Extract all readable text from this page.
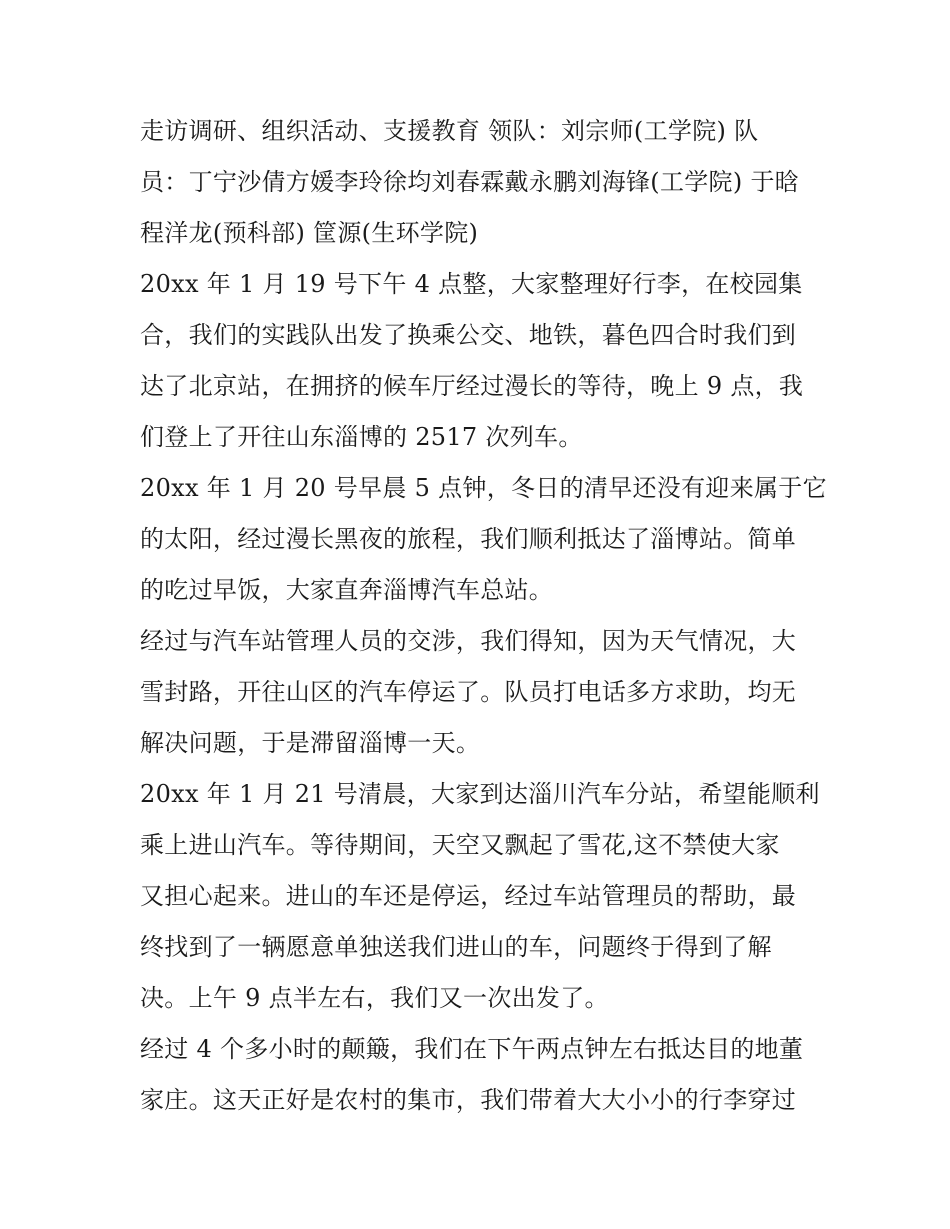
走访调研、组织活动、支援教育 领队：刘宗师(工学院) 队
员：丁宁沙倩方媛李玲徐均刘春霖戴永鹏刘海锋(工学院) 于晗
程洋龙(预科部) 筐源(生环学院)
20xx 年 1 月 19 号下午 4 点整，大家整理好行李，在校园集
合，我们的实践队出发了换乘公交、地铁，暮色四合时我们到
达了北京站，在拥挤的候车厅经过漫长的等待，晚上 9 点，我
们登上了开往山东淄博的 2517 次列车。
20xx 年 1 月 20 号早晨 5 点钟，冬日的清早还没有迎来属于它
的太阳，经过漫长黑夜的旅程，我们顺利抵达了淄博站。简单
的吃过早饭，大家直奔淄博汽车总站。
经过与汽车站管理人员的交涉，我们得知，因为天气情况，大
雪封路，开往山区的汽车停运了。队员打电话多方求助，均无
解决问题，于是滞留淄博一天。
20xx 年 1 月 21 号清晨，大家到达淄川汽车分站，希望能顺利
乘上进山汽车。等待期间，天空又飘起了雪花,这不禁使大家
又担心起来。进山的车还是停运，经过车站管理员的帮助，最
终找到了一辆愿意单独送我们进山的车，问题终于得到了解
决。上午 9 点半左右，我们又一次出发了。
经过 4 个多小时的颠簸，我们在下午两点钟左右抵达目的地董
家庄。这天正好是农村的集市，我们带着大大小小的行李穿过
